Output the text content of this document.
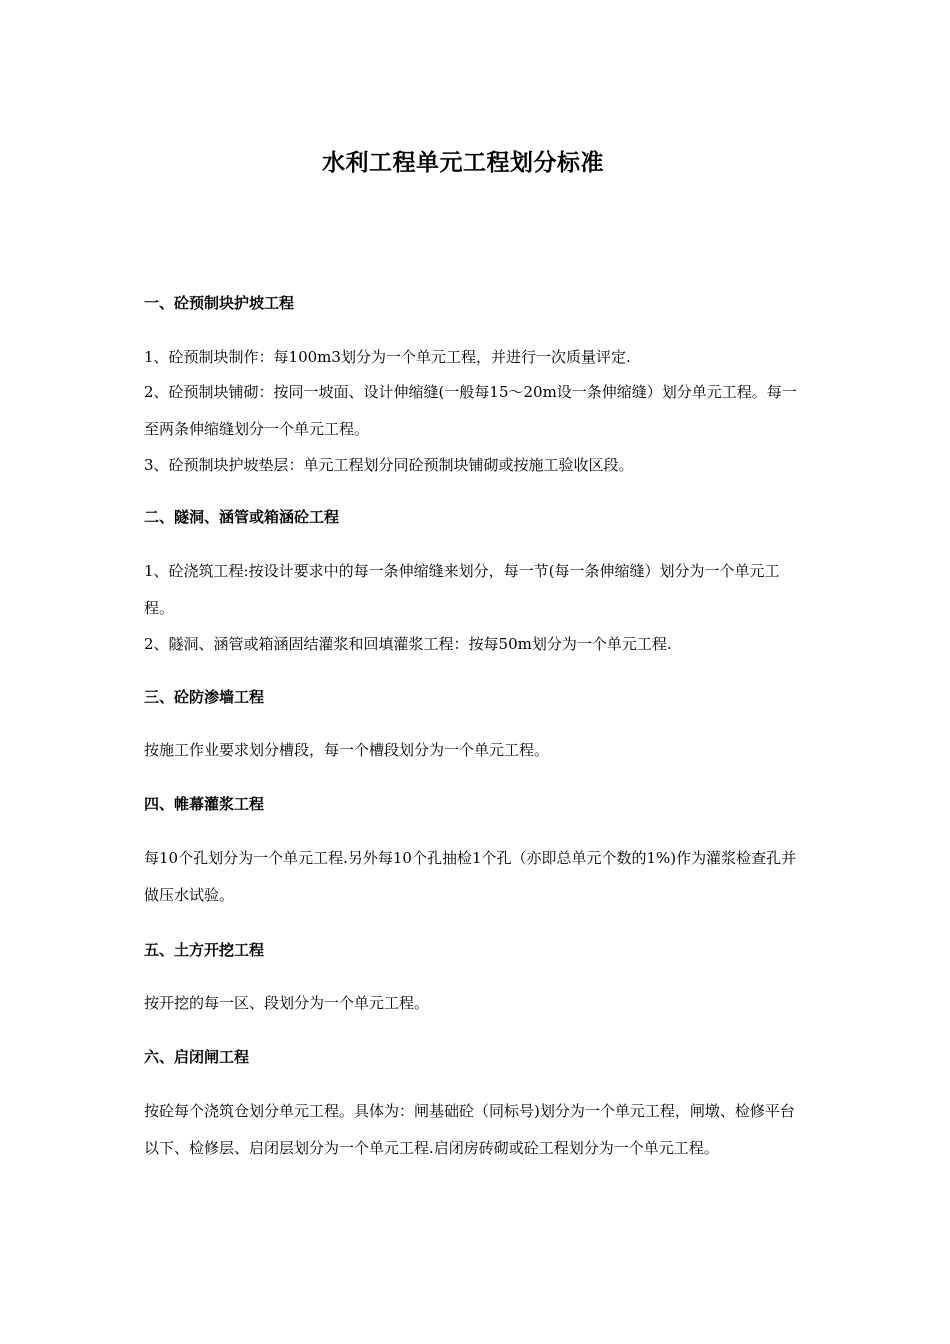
水利工程单元工程划分标准
一、砼预制块护坡工程

1、砼预制块制作：每100m3划分为一个单元工程，并进行一次质量评定.

2、砼预制块铺砌：按同一坡面、设计伸缩缝(一般每15～20m设一条伸缩缝）划分单元工程。每一至两条伸缩缝划分一个单元工程。

3、砼预制块护坡垫层：单元工程划分同砼预制块铺砌或按施工验收区段。

二、隧洞、涵管或箱涵砼工程

1、砼浇筑工程:按设计要求中的每一条伸缩缝来划分，每一节(每一条伸缩缝）划分为一个单元工程。

2、隧洞、涵管或箱涵固结灌浆和回填灌浆工程：按每50m划分为一个单元工程.

三、砼防渗墙工程

按施工作业要求划分槽段，每一个槽段划分为一个单元工程。

四、帷幕灌浆工程

每10个孔划分为一个单元工程.另外每10个孔抽检1个孔（亦即总单元个数的1%)作为灌浆检查孔并做压水试验。

五、土方开挖工程

按开挖的每一区、段划分为一个单元工程。

六、启闭闸工程

按砼每个浇筑仓划分单元工程。具体为：闸基础砼（同标号)划分为一个单元工程，闸墩、检修平台以下、检修层、启闭层划分为一个单元工程.启闭房砖砌或砼工程划分为一个单元工程。
